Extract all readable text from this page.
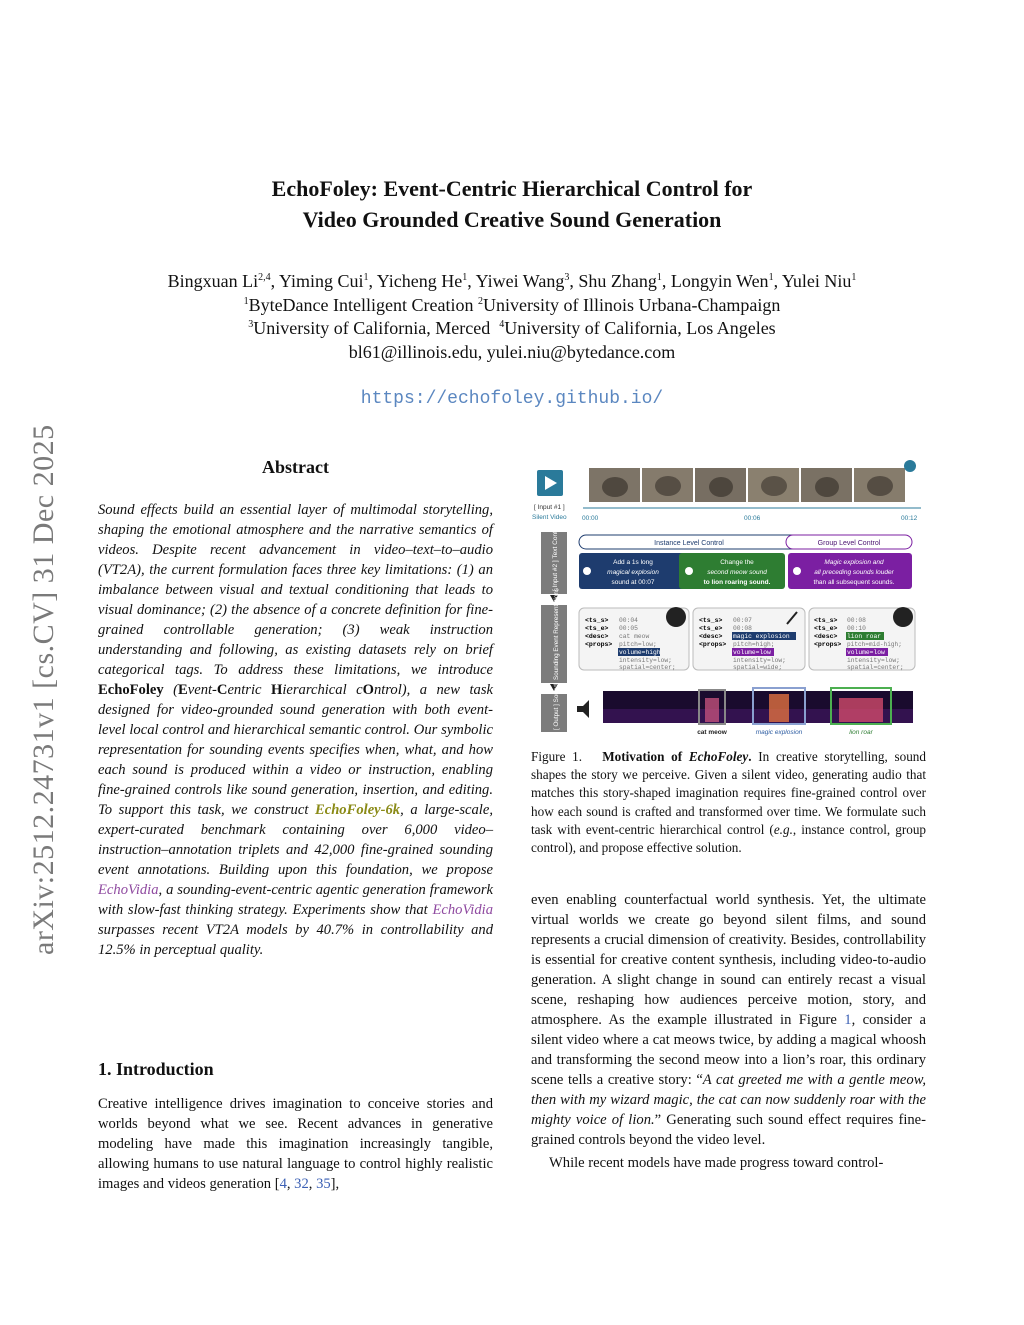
arXiv:2512.24731v1 [cs.CV] 31 Dec 2025
EchoFoley: Event-Centric Hierarchical Control for
Video Grounded Creative Sound Generation
Bingxuan Li$^{2,4}$, Yiming Cui$^1$, Yicheng He$^1$, Yiwei Wang$^3$, Shu Zhang$^1$, Longyin Wen$^1$, Yulei Niu$^1$
$^1$ByteDance Intelligent Creation $^2$University of Illinois Urbana-Champaign
$^3$University of California, Merced $^4$University of California, Los Angeles
bl61@illinois.edu, yulei.niu@bytedance.com
https://echofoley.github.io/
Abstract
Sound effects build an essential layer of multimodal storytelling, shaping the emotional atmosphere and the narrative semantics of videos. Despite recent advancement in video–text–to–audio (VT2A), the current formulation faces three key limitations: (1) an imbalance between visual and textual conditioning that leads to visual dominance; (2) the absence of a concrete definition for fine-grained controllable generation; (3) weak instruction understanding and following, as existing datasets rely on brief categorical tags. To address these limitations, we introduce EchoFoley (Event-Centric Hierarchical cOntrol), a new task designed for video-grounded sound generation with both event-level local control and hierarchical semantic control. Our symbolic representation for sounding events specifies when, what, and how each sound is produced within a video or instruction, enabling fine-grained controls like sound generation, insertion, and editing. To support this task, we construct EchoFoley-6k, a large-scale, expert-curated benchmark containing over 6,000 video–instruction–annotation triplets and 42,000 fine-grained sounding event annotations. Building upon this foundation, we propose EchoVidia, a sounding-event-centric agentic generation framework with slow-fast thinking strategy. Experiments show that EchoVidia surpasses recent VT2A models by 40.7% in controllability and 12.5% in perceptual quality.
1. Introduction
Creative intelligence drives imagination to conceive stories and worlds beyond what we see. Recent advances in generative modeling have made this imagination increasingly tangible, allowing humans to use natural language to control highly realistic images and videos generation [4, 32, 35],
[ Input #1 ]
Silent Video 00:00	00:06	00:12
[ Input #2 ] Text Control	Instance Level Control	Group Level Control
Add a 1s long
magical explosion
sound at 00:07
Change the
second meow sound
to lion roaring sound.
Magic explosion and
all preceding sounds louder
than all subsequent sounds.
Sounding Event Representations	<ts_s>
<ts_e>
<desc>
<props>
00:04
00:05
cat meow
pitch=low;
volume=high
intensity=low;
spatial=center;
<ts_s>
<ts_e>
<desc>
<props>
00:07
00:08
magic explosion
pitch=high;
volume=low
intensity=low;
spatial=wide;
<ts_s>
<ts_e>
<desc>
<props>
00:08
00:10
lion roar
pitch=mid-high;
volume=low
intensity=low;
spatial=center;
[ Output ] Sound
cat meow	magic explosion	lion roar
Figure 1. Motivation of EchoFoley. In creative storytelling, sound shapes the story we perceive. Given a silent video, generating audio that matches this story-shaped imagination requires fine-grained control over how each sound is crafted and transformed over time. We formulate such task with event-centric hierarchical control (e.g., instance control, group control), and propose effective solution.

even enabling counterfactual world synthesis. Yet, the ultimate virtual worlds we create go beyond silent films, and sound represents a crucial dimension of creativity. Besides, controllability is essential for creative content synthesis, including video-to-audio generation. A slight change in sound can entirely recast a visual scene, reshaping how audiences perceive motion, story, and atmosphere. As the example illustrated in Figure 1, consider a silent video where a cat meows twice, by adding a magical whoosh and transforming the second meow into a lion’s roar, this ordinary scene tells a creative story: “A cat greeted me with a gentle meow, then with my wizard magic, the cat can now suddenly roar with the mighty voice of lion.” Generating such sound effect requires fine-grained controls beyond the video level.

While recent models have made progress toward control-
